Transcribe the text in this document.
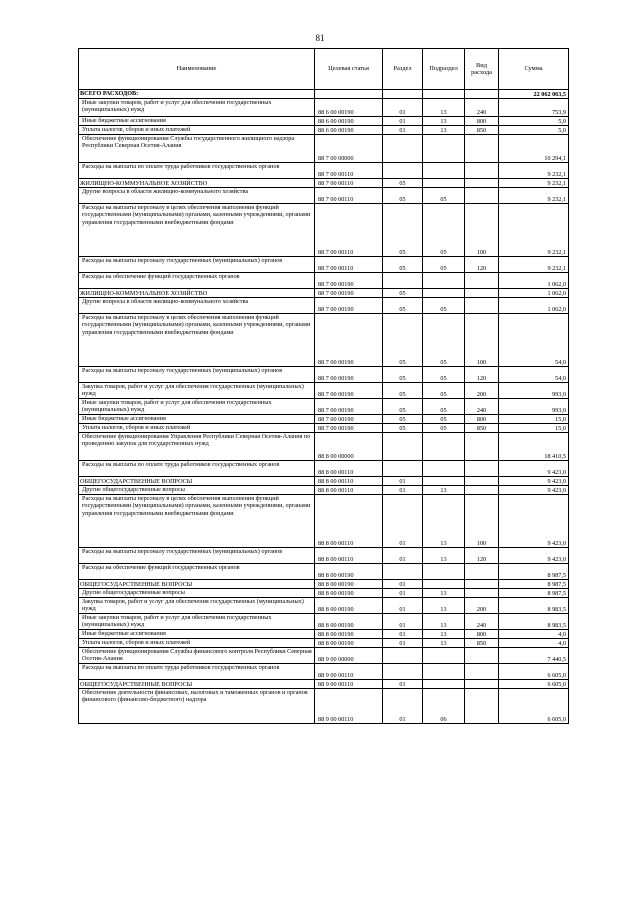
81
Наименование	Целевая статья	Раздел	Подраздел	Вид расхода	Сумма
ВСЕГО РАСХОДОВ:					22 062 063,5
Иные закупки товаров, работ и услуг для обеспечения государственных (муниципальных) нужд	88 6 00 00190	01	13	240	753,9
Иные бюджетные ассигнования	88 6 00 00190	01	13	800	5,0
Уплата налогов, сборов и иных платежей	88 6 00 00190	01	13	850	5,0
Обеспечение функционирования Службы государственного жилищного надзора Республики Северная Осетия-Алания	88 7 00 00000				10 294,1
Расходы на выплаты по оплате труда работников государственных органов	88 7 00 00110				9 232,1
ЖИЛИЩНО-КОММУНАЛЬНОЕ ХОЗЯЙСТВО	88 7 00 00110	05			9 232,1
Другие вопросы в области жилищно-коммунального хозяйства	88 7 00 00110	05	05		9 232,1
Расходы на выплаты персоналу в целях обеспечения выполнения функций государственными (муниципальными) органами, казенными учреждениями, органами управления государственными внебюджетными фондами	88 7 00 00110	05	05	100	9 232,1
Расходы на выплаты персоналу государственных (муниципальных) органов	88 7 00 00110	05	05	120	9 232,1
Расходы на обеспечение функций государственных органов	88 7 00 00190				1 062,0
ЖИЛИЩНО-КОММУНАЛЬНОЕ ХОЗЯЙСТВО	88 7 00 00190	05			1 062,0
Другие вопросы в области жилищно-коммунального хозяйства	88 7 00 00190	05	05		1 062,0
Расходы на выплаты персоналу в целях обеспечения выполнения функций государственными (муниципальными) органами, казенными учреждениями, органами управления государственными внебюджетными фондами	88 7 00 00190	05	05	100	54,0
Расходы на выплаты персоналу государственных (муниципальных) органов	88 7 00 00190	05	05	120	54,0
Закупка товаров, работ и услуг для обеспечения государственных (муниципальных) нужд	88 7 00 00190	05	05	200	993,0
Иные закупки товаров, работ и услуг для обеспечения государственных (муниципальных) нужд	88 7 00 00190	05	05	240	993,0
Иные бюджетные ассигнования	88 7 00 00190	05	05	800	15,0
Уплата налогов, сборов и иных платежей	88 7 00 00190	05	05	850	15,0
Обеспечение функционирования Управления Республики Северная Осетия-Алания по проведению закупок для государственных нужд	88 8 00 00000				18 410,5
Расходы на выплаты по оплате труда работников государственных органов	88 8 00 00110				9 423,0
ОБЩЕГОСУДАРСТВЕННЫЕ ВОПРОСЫ	88 8 00 00110	01			9 423,0
Другие общегосударственные вопросы	88 8 00 00110	01	13		9 423,0
Расходы на выплаты персоналу в целях обеспечения выполнения функций государственными (муниципальными) органами, казенными учреждениями, органами управления государственными внебюджетными фондами	88 8 00 00110	01	13	100	9 423,0
Расходы на выплаты персоналу государственных (муниципальных) органов	88 8 00 00110	01	13	120	9 423,0
Расходы на обеспечение функций государственных органов	88 8 00 00190				8 987,5
ОБЩЕГОСУДАРСТВЕННЫЕ ВОПРОСЫ	88 8 00 00190	01			8 987,5
Другие общегосударственные вопросы	88 8 00 00190	01	13		8 987,5
Закупка товаров, работ и услуг для обеспечения государственных (муниципальных) нужд	88 8 00 00190	01	13	200	8 983,5
Иные закупки товаров, работ и услуг для обеспечения государственных (муниципальных) нужд	88 8 00 00190	01	13	240	8 983,5
Иные бюджетные ассигнования	88 8 00 00190	01	13	800	4,0
Уплата налогов, сборов и иных платежей	88 8 00 00190	01	13	850	4,0
Обеспечение функционирования Службы финансового контроля Республики Северная Осетия-Алания	88 9 00 00000				7 440,5
Расходы на выплаты по оплате труда работников государственных органов	88 9 00 00110				6 605,0
ОБЩЕГОСУДАРСТВЕННЫЕ ВОПРОСЫ	88 9 00 00110	01			6 605,0
Обеспечение деятельности финансовых, налоговых и таможенных органов и органов финансового (финансово-бюджетного) надзора	88 9 00 00110	01	06		6 605,0
